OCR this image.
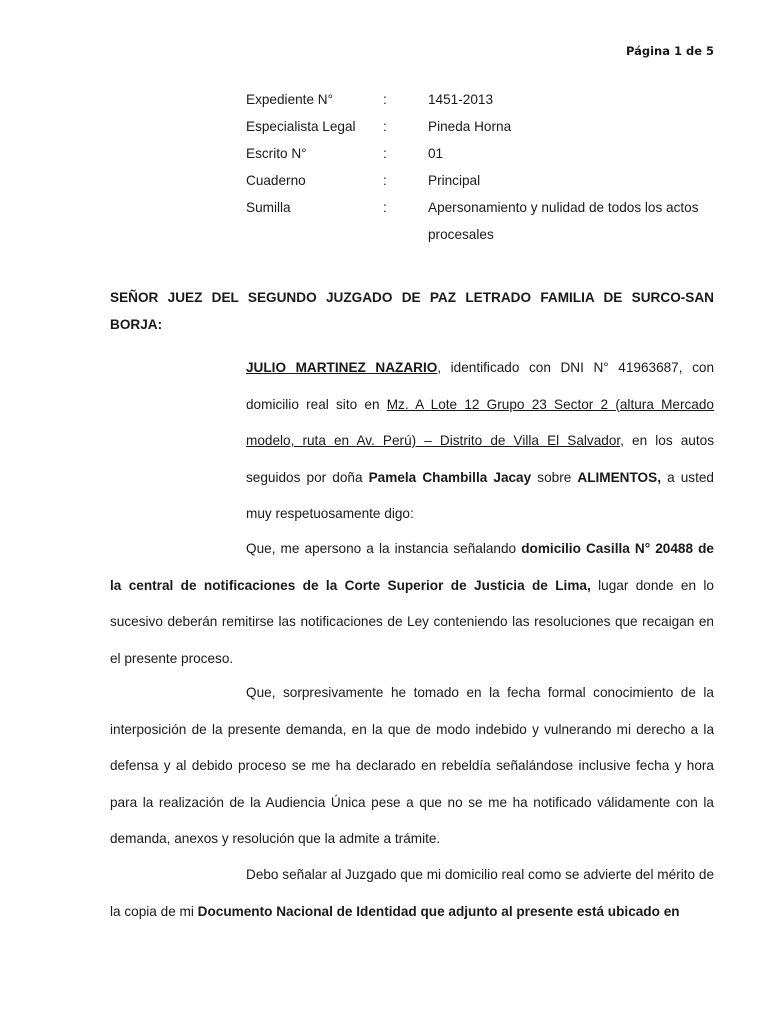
Página 1 de 5
Expediente N°	:	1451-2013
Especialista Legal	:	Pineda Horna
Escrito N°	:	01
Cuaderno	:	Principal
Sumilla	:	Apersonamiento y nulidad de todos los actos procesales
SEÑOR JUEZ DEL SEGUNDO JUZGADO DE PAZ LETRADO FAMILIA DE SURCO-SAN BORJA:
JULIO MARTINEZ NAZARIO, identificado con DNI N° 41963687, con domicilio real sito en Mz. A Lote 12 Grupo 23 Sector 2 (altura Mercado modelo, ruta en Av. Perú) – Distrito de Villa El Salvador, en los autos seguidos por doña Pamela Chambilla Jacay sobre ALIMENTOS, a usted muy respetuosamente digo:
Que, me apersono a la instancia señalando domicilio Casilla N° 20488 de la central de notificaciones de la Corte Superior de Justicia de Lima, lugar donde en lo sucesivo deberán remitirse las notificaciones de Ley conteniendo las resoluciones que recaigan en el presente proceso.
Que, sorpresivamente he tomado en la fecha formal conocimiento de la interposición de la presente demanda, en la que de modo indebido y vulnerando mi derecho a la defensa y al debido proceso se me ha declarado en rebeldía señalándose inclusive fecha y hora para la realización de la Audiencia Única pese a que no se me ha notificado válidamente con la demanda, anexos y resolución que la admite a trámite.
Debo señalar al Juzgado que mi domicilio real como se advierte del mérito de la copia de mi Documento Nacional de Identidad que adjunto al presente está ubicado en
